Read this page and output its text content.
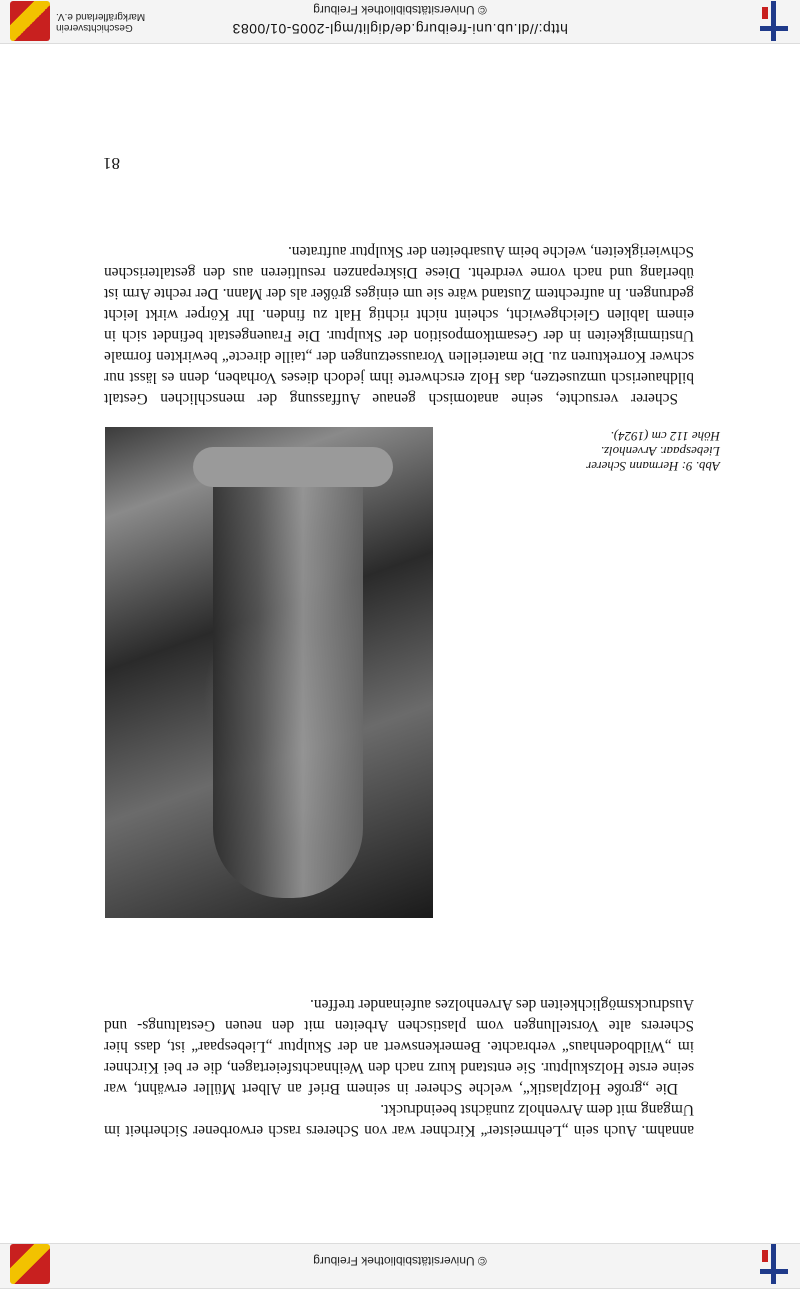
© Universitätsbibliothek Freiburg
annahm. Auch sein „Lehrmeister“ Kirchner war von Scherers rasch erworbener Sicherheit im Umgang mit dem Arvenholz zunächst beeindruckt.
Die „große Holzplastik“, welche Scherer in seinem Brief an Albert Müller erwähnt, war seine erste Holzskulptur. Sie entstand kurz nach den Weihnachtsfeiertagen, die er bei Kirchner im „Wildbodenhaus“ verbrachte. Bemerkenswert an der Skulptur „Liebespaar“ ist, dass hier Scherers alte Vorstellungen vom plastischen Arbeiten mit den neuen Gestaltungs- und Ausdrucksmöglichkeiten des Arvenholzes aufeinander treffen.
Abb. 9: Hermann Scherer
Liebespaar. Arvenholz.
Höhe 112 cm (1924).
Scherer versuchte, seine anatomisch genaue Auffassung der menschlichen Gestalt bildhauerisch umzusetzen, das Holz erschwerte ihm jedoch dieses Vorhaben, denn es lässt nur schwer Korrekturen zu. Die materiellen Voraussetzungen der „taille directe“ bewirkten formale Unstimmigkeiten in der Gesamtkomposition der Skulptur. Die Frauengestalt befindet sich in einem labilen Gleichgewicht, scheint nicht richtig Halt zu finden. Ihr Körper wirkt leicht gedrungen. In aufrechtem Zustand wäre sie um einiges größer als der Mann. Der rechte Arm ist überlang und nach vorne verdreht. Diese Diskrepanzen resultieren aus den gestalterischen Schwierigkeiten, welche beim Ausarbeiten der Skulptur auftraten.
81
http://dl.ub.uni-freiburg.de/diglit/mgl-2005-01/0083
© Universitätsbibliothek Freiburg
Geschichtsverein
Markgräflerland e.V.
